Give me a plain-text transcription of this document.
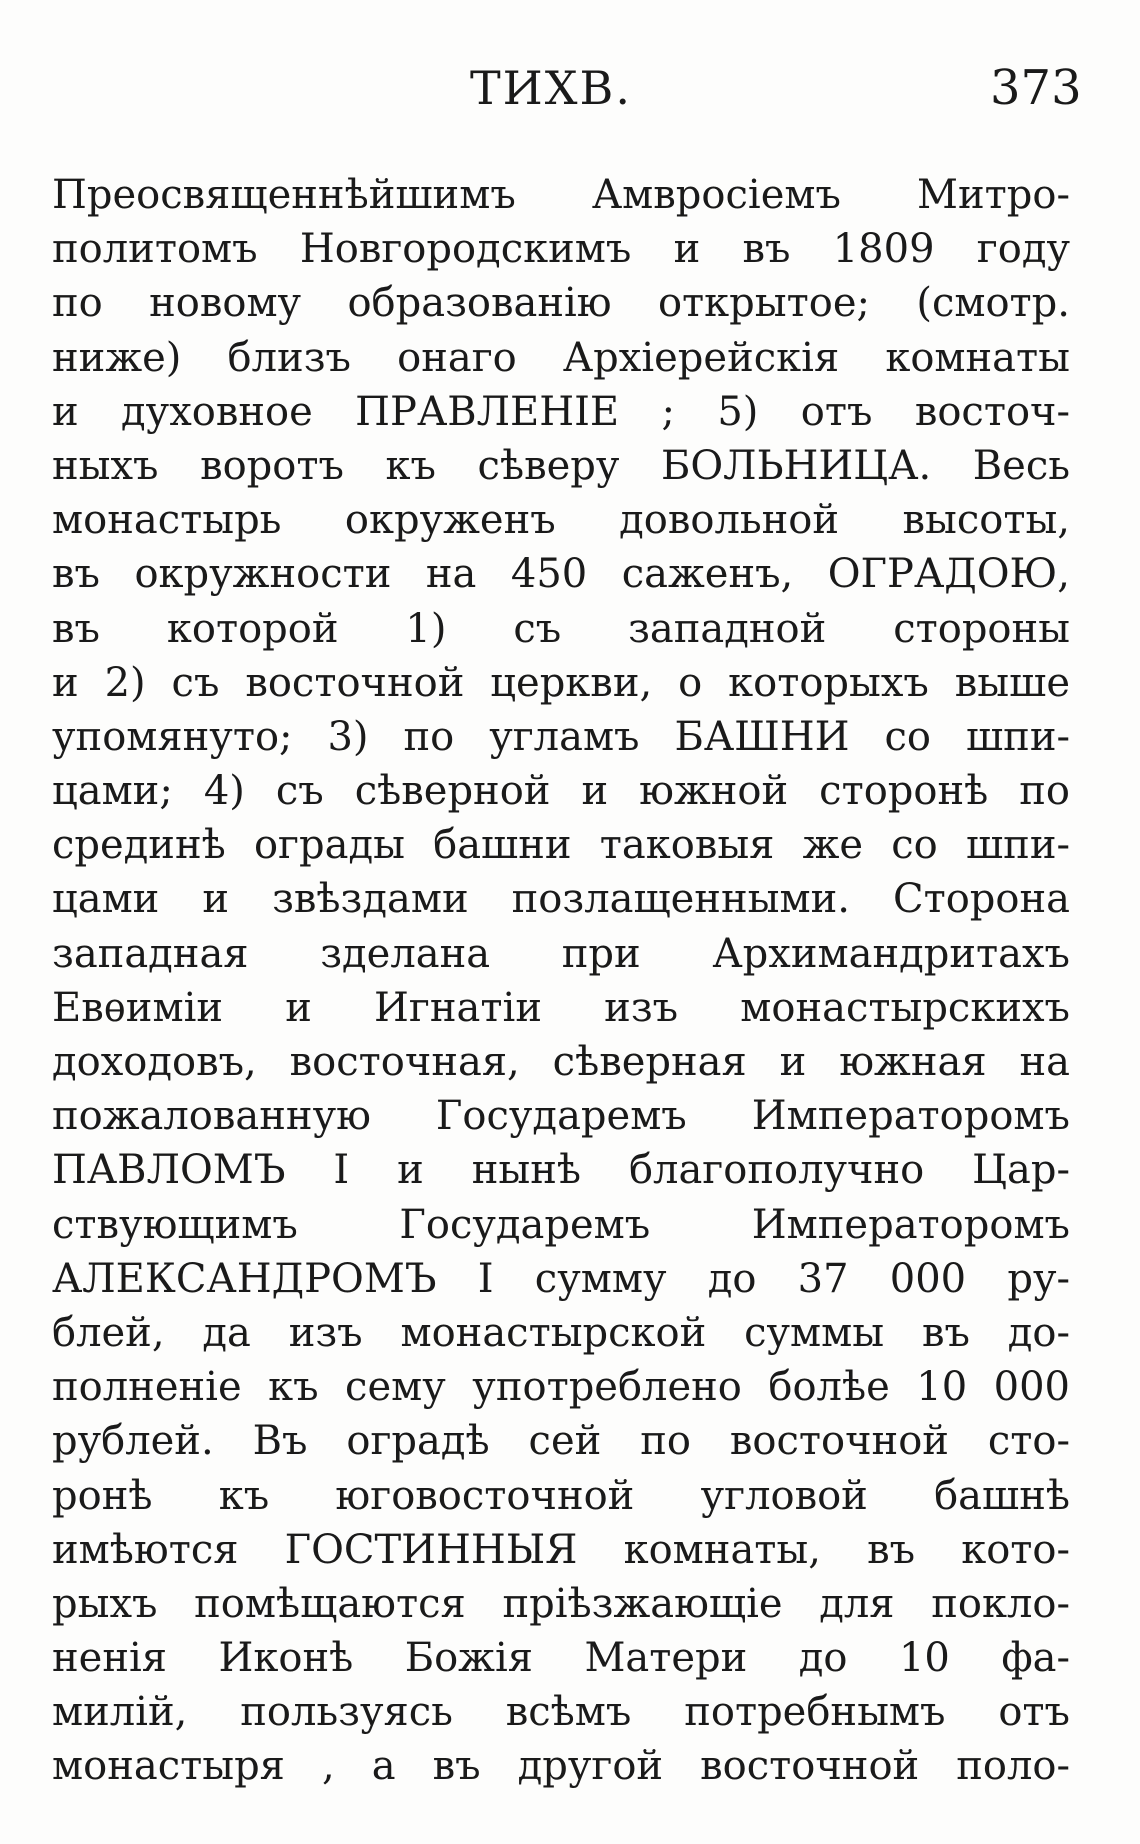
ТИХВ.	373
Преосвященнѣйшимъ Амвросіемъ Митро-
политомъ Новгородскимъ и въ 1809 году
по новому образованію открытое; (смотр.
ниже) близъ онаго Архіерейскія комнаты
и духовное ПРАВЛЕНІЕ ; 5) отъ восточ-
ныхъ воротъ къ сѣверу БОЛЬНИЦА. Весь
монастырь окруженъ довольной высоты,
въ окружности на 450 саженъ, ОГРАДОЮ,
въ которой 1) съ западной стороны
и 2) съ восточной церкви, о которыхъ выше
упомянуто; 3) по угламъ БАШНИ со шпи-
цами; 4) съ сѣверной и южной сторонѣ по
срединѣ ограды башни таковыя же со шпи-
цами и звѣздами позлащенными. Сторона
западная зделана при Архимандритахъ
Евѳиміи и Игнатіи изъ монастырскихъ
доходовъ, восточная, сѣверная и южная на
пожалованную Государемъ Императоромъ
ПАВЛОМЪ I и нынѣ благополучно Цар-
ствующимъ Государемъ Императоромъ
АЛЕКСАНДРОМЪ I сумму до 37 000 ру-
блей, да изъ монастырской суммы въ до-
полненіе къ сему употреблено болѣе 10 000
рублей. Въ оградѣ сей по восточной сто-
ронѣ къ юговосточной угловой башнѣ
имѣются ГОСТИННЫЯ комнаты, въ кото-
рыхъ помѣщаются пріѣзжающіе для покло-
ненія Иконѣ Божія Матери до 10 фа-
милій, пользуясь всѣмъ потребнымъ отъ
монастыря , а въ другой восточной поло-
